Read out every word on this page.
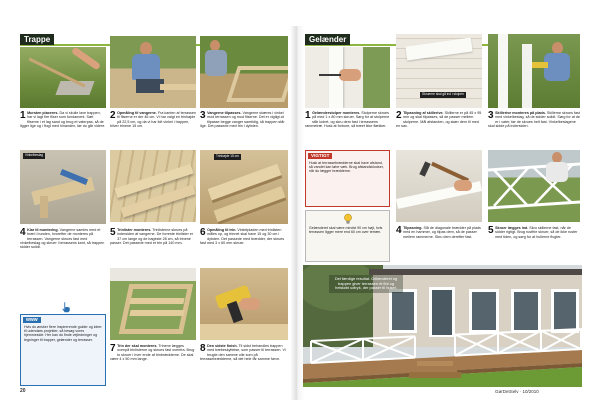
Trappe
1 Mursten placeres. Da vi skulle lave trappen, har vi lagt fire fliser som fundament. Sæt fliserne i et lag sand og brug et vaterpas, så de ligger lige og i flugt med hinanden, før du går videre.
2 Opmåling til vangerne. Fra kanten af terrassen til fliserne er der 46 cm. Vi har valgt en trinhøjde på 22,5 cm, og da vi har lidt vinkel i trappen, bliver trinene 15 cm.
3 Vangerne tilpasses. Vangerne skæres i vinkel mod terrassen og mod fliserne. Det er vigtigt at tilpasse begge vanger samtidig, så trappen står lige. Det passede med trin i dybden.
Vinkelbeslag	Trinhøjde 15 cm
4 Klar til montering. Vangerne samles med et bræt i bunden, hvorefter de monteres på terrassen. Vangerne skrues fast med vinkelbeslag og skruer i terrassens kant, så trappen sidder solidt.
5 Trinlister monteres. Trinlisterne skrues på indersiden af vangerne. De forreste trinlister er 37 cm lange og de bageste 28 cm, så trinene passer. Det passede med et trin på 140 mm.
6 Opmåling til trin. Vinkelpladen med trinlisten måles op, og trinnet skal have 15 og 30 cm i dybden. Det passede med brædder, der skrues fast med 3 x 60 mm skruer.
www
Hvis du ønsker flere inspirerende guider og ideer til udendørs projekter, så besøg vores hjemmeside. Her kan du finde vejledninger og tegninger til trapper, gelænder og terrasser.
7 Trin der skal monteres. Trinene lægges ovenpå trinlisterne og skrues fast ovenfra. Brug to skruer i hver ende af trinbrædderne. De skal være 4 x 50 mm lange.
8 Den sidste finish. Til sidst behandles trappen med træbeskyttelse, som passer til terrassen. Vi brugte den samme olie som på terrassebrædderne, så det hele får samme farve.
20
Gelænder
Skruerne skal gå ind i stolpen
1 Gelænderstolper monteres. Stolperne skrues på med 1 x 80 mm skruer. Sørg for at stolperne står lodret, og skru dem fast i terrassens rammetræ. Husk at forbore, så træet ikke flækker.
2 Tilpasning af skillerive. Skillerne er på 45 x 95 mm og skal tilpasses, så de passer mellem stolperne. Mål afstanden, og skær dem til med en sav.
3 Skillerive monteres på plads. Skillerne skrues fast med vinkelbeslag, så de sidder solidt. Sørg for at de er i vater, før de skrues helt fast. Vinkelbeslagene skal sidde på indersiden.
VIGTIGT
Husk at terrassebrædderne skal have afstand, så vandet kan løbe væk. Brug afstandsklodser, når du lægger brædderne.
Gelænderet skal være mindst 90 cm højt, hvis terrassen ligger mere end 60 cm over terræn.	4 Tilpasning. Slå de diagonale brædder på plads med en hammer, og tilpas dem, så de passer mellem rammerne. Skru dem derefter fast.
5 Skruer lægges ind. Skru skillerne fast, når de sidder rigtigt. Brug rustfrie skruer, så de ikke ruster med tiden, og sørg for at hullerne flugter.
Det færdige resultat. Gelænderet og trappen giver terrassen et flot og helstøbt udtryk, der passer til huset.
GørDetSelv · 10/2010
